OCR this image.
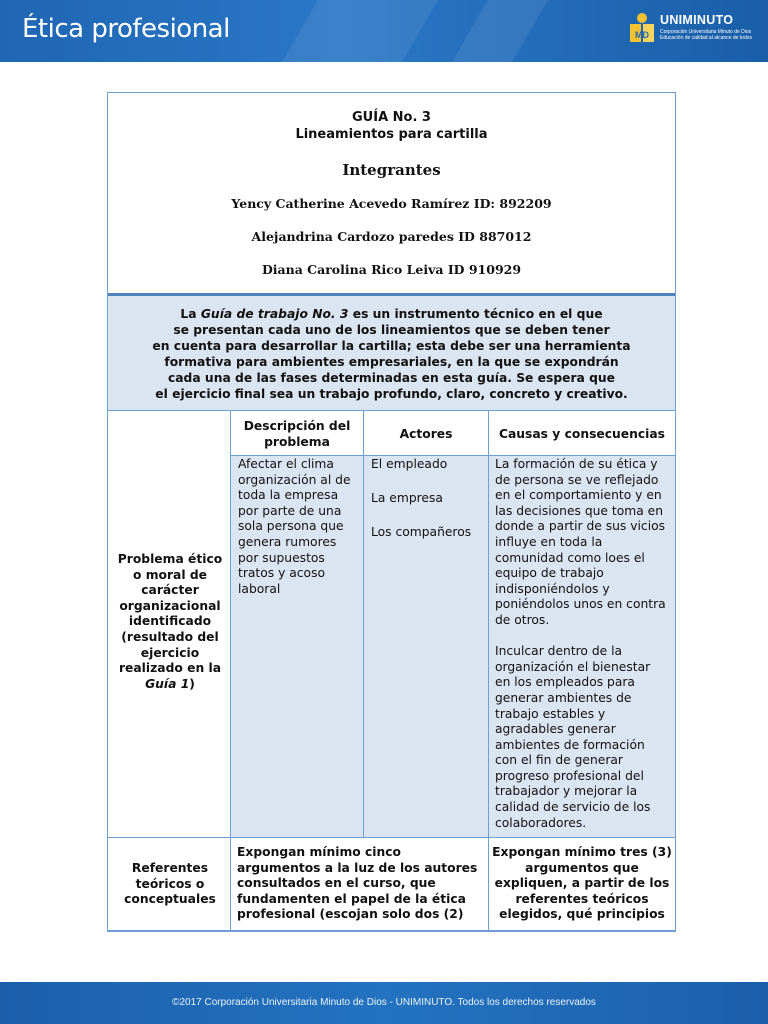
Ética profesional	MD
UNIMINUTO
Corporación Universitaria Minuto de Dios
Educación de calidad al alcance de todos
GUÍA No. 3
Lineamientos para cartilla
Integrantes
Yency Catherine Acevedo Ramírez ID: 892209
Alejandrina Cardozo paredes ID 887012
Diana Carolina Rico Leiva ID 910929
La Guía de trabajo No. 3 es un instrumento técnico en el que
se presentan cada uno de los lineamientos que se deben tener
en cuenta para desarrollar la cartilla; esta debe ser una herramienta
formativa para ambientes empresariales, en la que se expondrán
cada una de las fases determinadas en esta guía. Se espera que
el ejercicio final sea un trabajo profundo, claro, concreto y creativo.
Descripción del problema
Actores	Causas y consecuencias
Problema ético o moral de carácter organizacional identificado (resultado del ejercicio realizado en la Guía 1)
Afectar el clima organización al de toda la empresa por parte de una sola persona que genera rumores por supuestos tratos y acoso laboral
El empleado
La empresa
Los compañeros
La formación de su ética y de persona se ve reflejado en el comportamiento y en las decisiones que toma en donde a partir de sus vicios influye en toda la comunidad como loes el equipo de trabajo indisponiéndolos y poniéndolos unos en contra de otros.
Inculcar dentro de la organización el bienestar en los empleados para generar ambientes de trabajo estables y agradables generar ambientes de formación con el fin de generar progreso profesional del trabajador y mejorar la calidad de servicio de los colaboradores.
Referentes teóricos o conceptuales
Expongan mínimo cinco argumentos a la luz de los autores consultados en el curso, que fundamenten el papel de la ética profesional (escojan solo dos (2)
Expongan mínimo tres (3) argumentos que expliquen, a partir de los referentes teóricos elegidos, qué principios
©2017 Corporación Universitaria Minuto de Dios - UNIMINUTO. Todos los derechos reservados
